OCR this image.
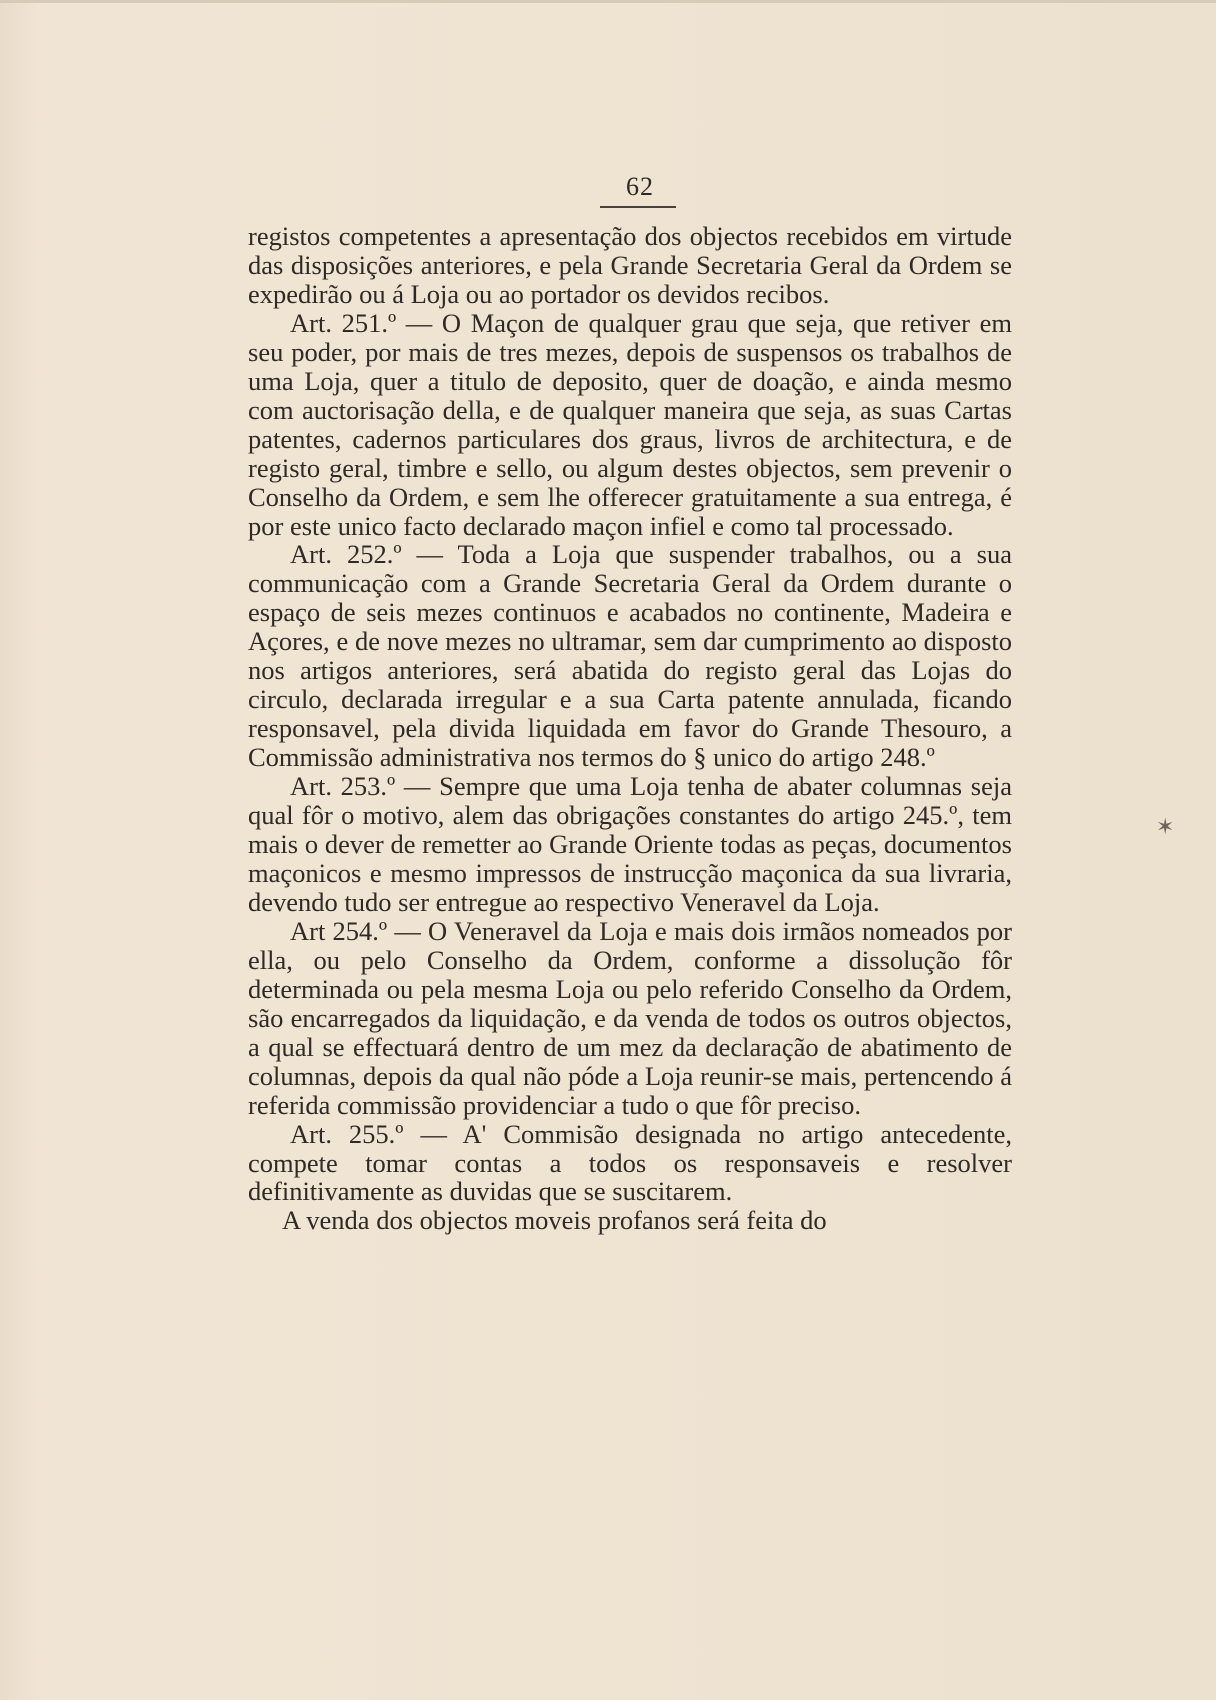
62

registos competentes a apresentação dos objectos recebidos em virtude das disposições anteriores, e pela Grande Secretaria Geral da Ordem se expedirão ou á Loja ou ao portador os devidos recibos.

Art. 251.º — O Maçon de qualquer grau que seja, que retiver em seu poder, por mais de tres mezes, depois de suspensos os trabalhos de uma Loja, quer a titulo de deposito, quer de doação, e ainda mesmo com auctorisação della, e de qualquer maneira que seja, as suas Cartas patentes, cadernos particulares dos graus, livros de architectura, e de registo geral, timbre e sello, ou algum destes objectos, sem prevenir o Conselho da Ordem, e sem lhe offerecer gratuitamente a sua entrega, é por este unico facto declarado maçon infiel e como tal processado.

Art. 252.º — Toda a Loja que suspender trabalhos, ou a sua communicação com a Grande Secretaria Geral da Ordem durante o espaço de seis mezes continuos e acabados no continente, Madeira e Açores, e de nove mezes no ultramar, sem dar cumprimento ao disposto nos artigos anteriores, será abatida do registo geral das Lojas do circulo, declarada irregular e a sua Carta patente annulada, ficando responsavel, pela divida liquidada em favor do Grande Thesouro, a Commissão administrativa nos termos do § unico do artigo 248.º

Art. 253.º — Sempre que uma Loja tenha de abater columnas seja qual fôr o motivo, alem das obrigações constantes do artigo 245.º, tem mais o dever de remetter ao Grande Oriente todas as peças, documentos maçonicos e mesmo impressos de instrucção maçonica da sua livraria, devendo tudo ser entregue ao respectivo Veneravel da Loja.

Art 254.º — O Veneravel da Loja e mais dois irmãos nomeados por ella, ou pelo Conselho da Ordem, conforme a dissolução fôr determinada ou pela mesma Loja ou pelo referido Conselho da Ordem, são encarregados da liquidação, e da venda de todos os outros objectos, a qual se effectuará dentro de um mez da declaração de abatimento de columnas, depois da qual não póde a Loja reunir-se mais, pertencendo á referida commissão providenciar a tudo o que fôr preciso.

Art. 255.º — A' Commisão designada no artigo antecedente, compete tomar contas a todos os responsaveis e resolver definitivamente as duvidas que se suscitarem.

A venda dos objectos moveis profanos será feita do

✶
